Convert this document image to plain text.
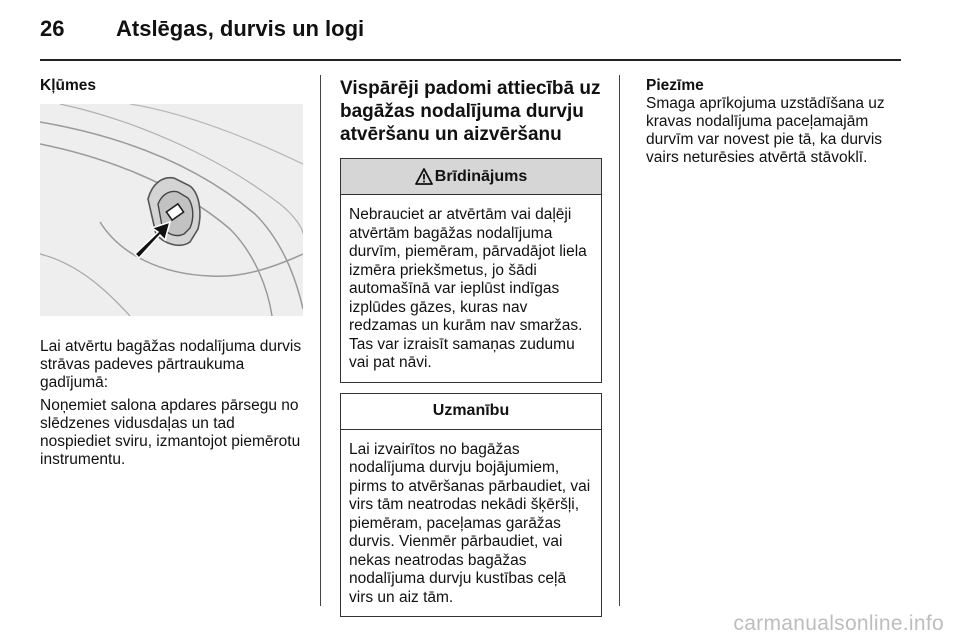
26 Atslēgas, durvis un logi
Kļūmes

Lai atvērtu bagāžas nodalījuma durvis strāvas padeves pārtraukuma gadījumā:

Noņemiet salona apdares pārsegu no slēdzenes vidusdaļas un tad nospiediet sviru, izmantojot piemērotu instrumentu.

Vispārēji padomi attiecībā uz bagāžas nodalījuma durvju atvēršanu un aizvēršanu
Brīdinājums
Nebrauciet ar atvērtām vai daļēji atvērtām bagāžas nodalījuma durvīm, piemēram, pārvadājot liela izmēra priekšmetus, jo šādi automašīnā var ieplūst indīgas izplūdes gāzes, kuras nav redzamas un kurām nav smaržas. Tas var izraisīt samaņas zudumu vai pat nāvi.
Uzmanību
Lai izvairītos no bagāžas nodalījuma durvju bojājumiem, pirms to atvēršanas pārbaudiet, vai virs tām neatrodas nekādi šķēršļi, piemēram, paceļamas garāžas durvis. Vienmēr pārbaudiet, vai nekas neatrodas bagāžas nodalījuma durvju kustības ceļā virs un aiz tām.
Piezīme
Smaga aprīkojuma uzstādīšana uz kravas nodalījuma paceļamajām durvīm var novest pie tā, ka durvis vairs neturēsies atvērtā stāvoklī.
carmanualsonline.info
